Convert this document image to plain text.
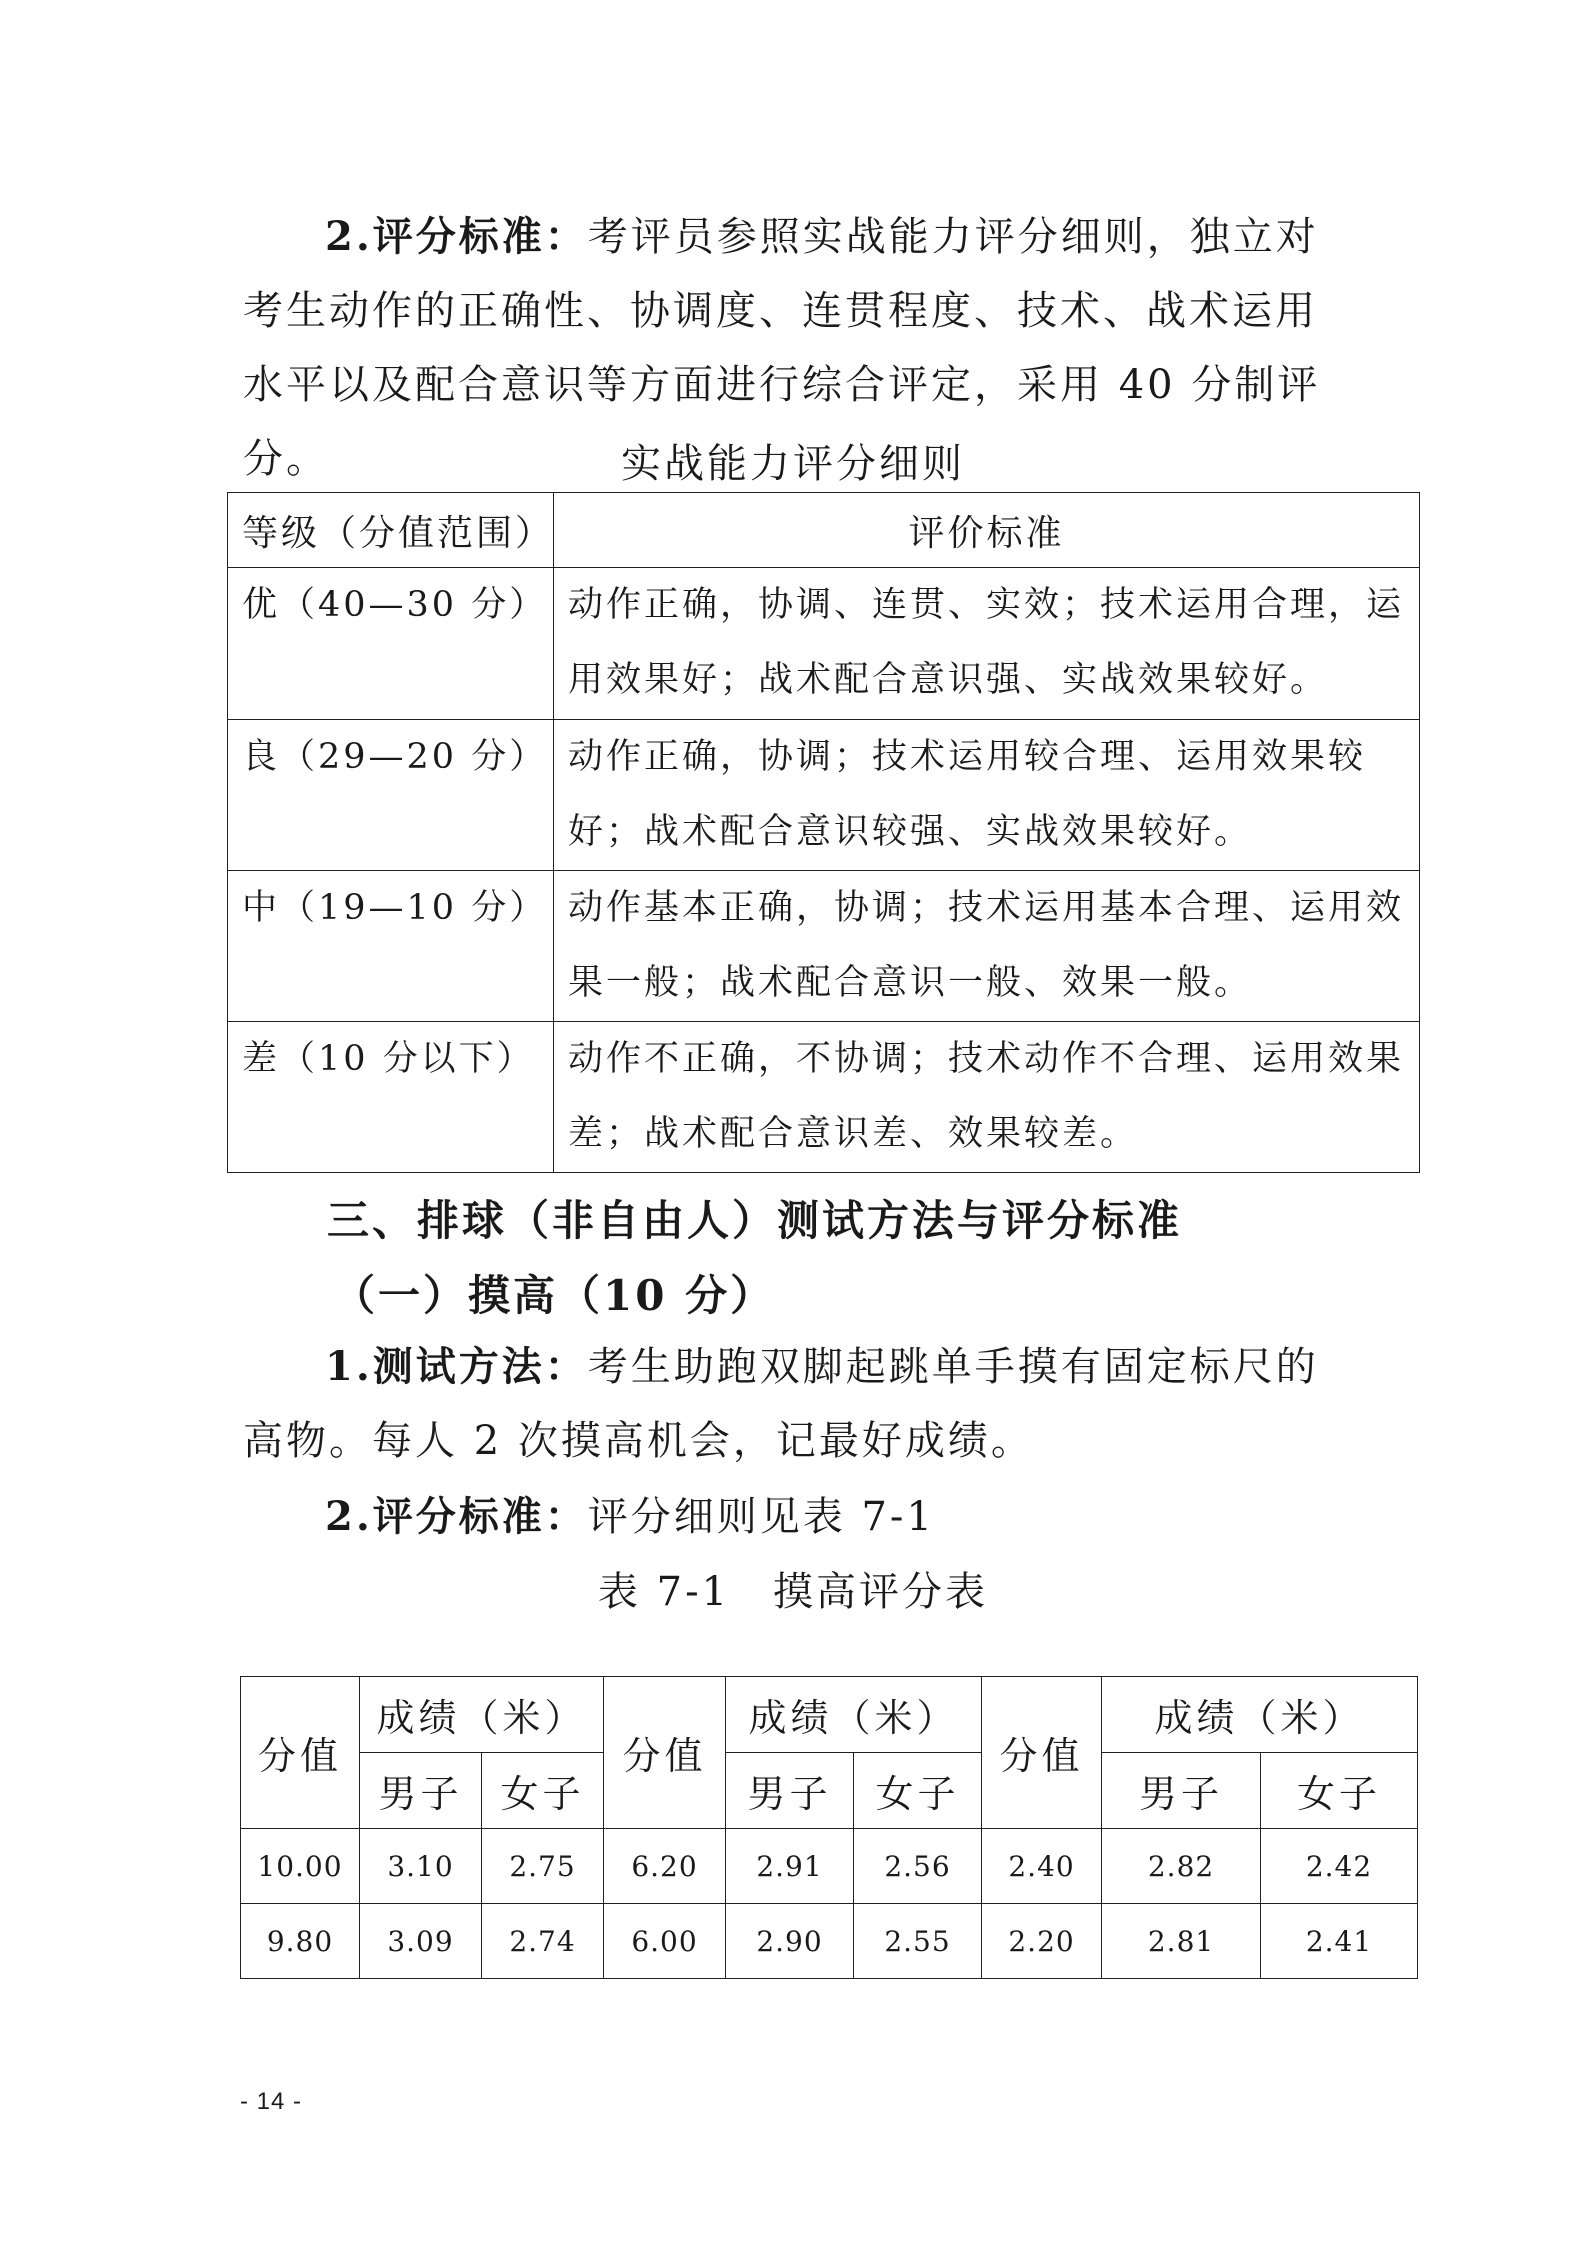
2.评分标准：考评员参照实战能力评分细则，独立对考生动作的正确性、协调度、连贯程度、技术、战术运用水平以及配合意识等方面进行综合评定，采用 40 分制评分。	实战能力评分细则

等级（分值范围）	评价标准
优（40—30 分）	动作正确，协调、连贯、实效；技术运用合理，运用效果好；战术配合意识强、实战效果较好。
良（29—20 分）	动作正确，协调；技术运用较合理、运用效果较好；战术配合意识较强、实战效果较好。
中（19—10 分）	动作基本正确，协调；技术运用基本合理、运用效果一般；战术配合意识一般、效果一般。
差（10 分以下）	动作不正确，不协调；技术动作不合理、运用效果差；战术配合意识差、效果较差。
三、排球（非自由人）测试方法与评分标准
（一）摸高（10 分）

1.测试方法：考生助跑双脚起跳单手摸有固定标尺的高物。每人 2 次摸高机会，记最好成绩。

2.评分标准：评分细则见表 7-1

表 7-1　摸高评分表

分值	成绩（米）		分值	成绩（米）		分值	成绩（米）	
	男子	女子		男子	女子		男子	女子
10.00	3.10	2.75	6.20	2.91	2.56	2.40	2.82	2.42
9.80	3.09	2.74	6.00	2.90	2.55	2.20	2.81	2.41
- 14 -
